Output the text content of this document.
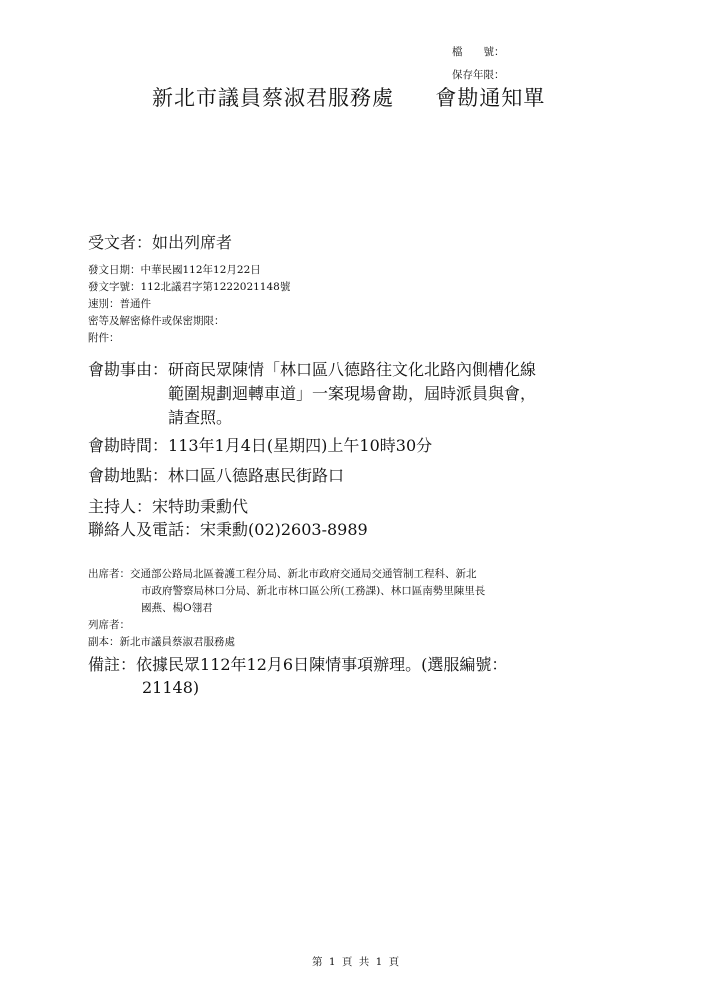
檔　　號：
保存年限：
新北市議員蔡淑君服務處 會勘通知單
受文者：如出列席者
發文日期：中華民國112年12月22日
發文字號：112北議君字第1222021148號
速別：普通件
密等及解密條件或保密期限：
附件：
會勘事由：研商民眾陳情「林口區八德路往文化北路內側槽化線
範圍規劃迴轉車道」一案現場會勘，屆時派員與會，
請查照。
會勘時間：113年1月4日(星期四)上午10時30分
會勘地點：林口區八德路惠民街路口
主持人：宋特助秉勳代
聯絡人及電話：宋秉勳(02)2603-8989
出席者：交通部公路局北區養護工程分局、新北市政府交通局交通管制工程科、新北
市政府警察局林口分局、新北市林口區公所(工務課)、林口區南勢里陳里長
國燕、楊O翎君
列席者：
副本：新北市議員蔡淑君服務處
備註：依據民眾112年12月6日陳情事項辦理。(選服編號：
21148)
第 1 頁 共 1 頁
